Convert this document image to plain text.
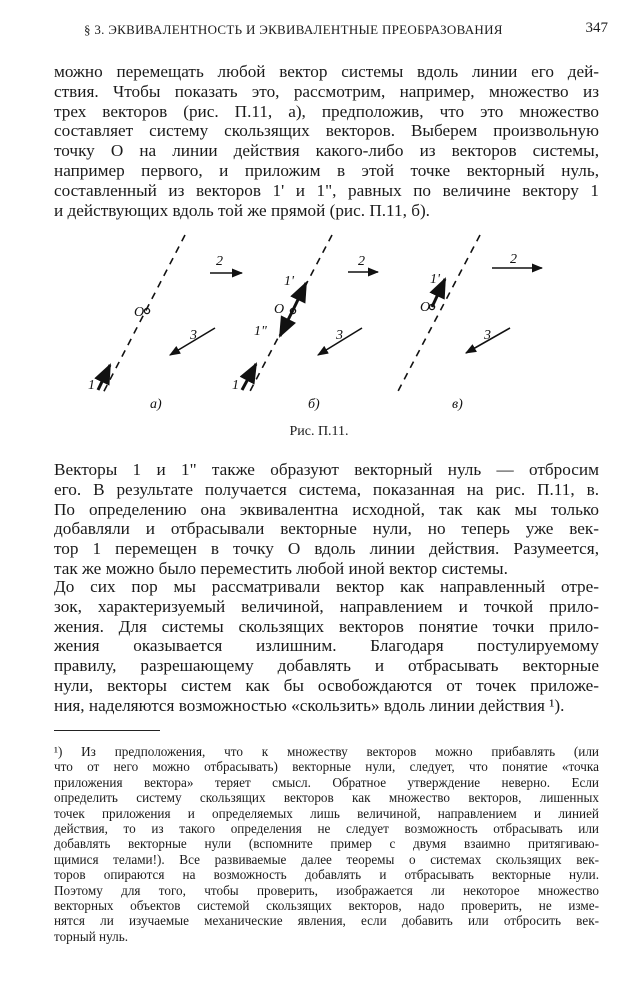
§ 3. ЭКВИВАЛЕНТНОСТЬ И ЭКВИВАЛЕНТНЫЕ ПРЕОБРАЗОВАНИЯ	347

можно перемещать любой вектор системы вдоль линии его дей-
ствия. Чтобы показать это, рассмотрим, например, множество из
трех векторов (рис. П.11, а), предположив, что это множество
составляет систему скользящих векторов. Выберем произвольную
точку O на линии действия какого-либо из векторов системы,
например первого, и приложим в этой точке векторный нуль,
составленный из векторов 1' и 1", равных по величине вектору 1
и действующих вдоль той же прямой (рис. П.11, б).

1
O
2
3
а)
1
1'
1"
O
2
3
б)
O
1'
2
3
в)
Рис. П.11.

Векторы 1 и 1" также образуют векторный нуль — отбросим
его. В результате получается система, показанная на рис. П.11, в.
По определению она эквивалентна исходной, так как мы только
добавляли и отбрасывали векторные нули, но теперь уже век-
тор 1 перемещен в точку O вдоль линии действия. Разумеется,
так же можно было переместить любой иной вектор системы.

До сих пор мы рассматривали вектор как направленный отре-
зок, характеризуемый величиной, направлением и точкой прило-
жения. Для системы скользящих векторов понятие точки прило-
жения оказывается излишним. Благодаря постулируемому
правилу, разрешающему добавлять и отбрасывать векторные
нули, векторы систем как бы освобождаются от точек приложе-
ния, наделяются возможностью «скользить» вдоль линии действия ¹).

¹) Из предположения, что к множеству векторов можно прибавлять (или
что от него можно отбрасывать) векторные нули, следует, что понятие «точка
приложения вектора» теряет смысл. Обратное утверждение неверно. Если
определить систему скользящих векторов как множество векторов, лишенных
точек приложения и определяемых лишь величиной, направлением и линией
действия, то из такого определения не следует возможность отбрасывать или
добавлять векторные нули (вспомните пример с двумя взаимно притягиваю-
щимися телами!). Все развиваемые далее теоремы о системах скользящих век-
торов опираются на возможность добавлять и отбрасывать векторные нули.
Поэтому для того, чтобы проверить, изображается ли некоторое множество
векторных объектов системой скользящих векторов, надо проверить, не изме-
нятся ли изучаемые механические явления, если добавить или отбросить век-
торный нуль.
